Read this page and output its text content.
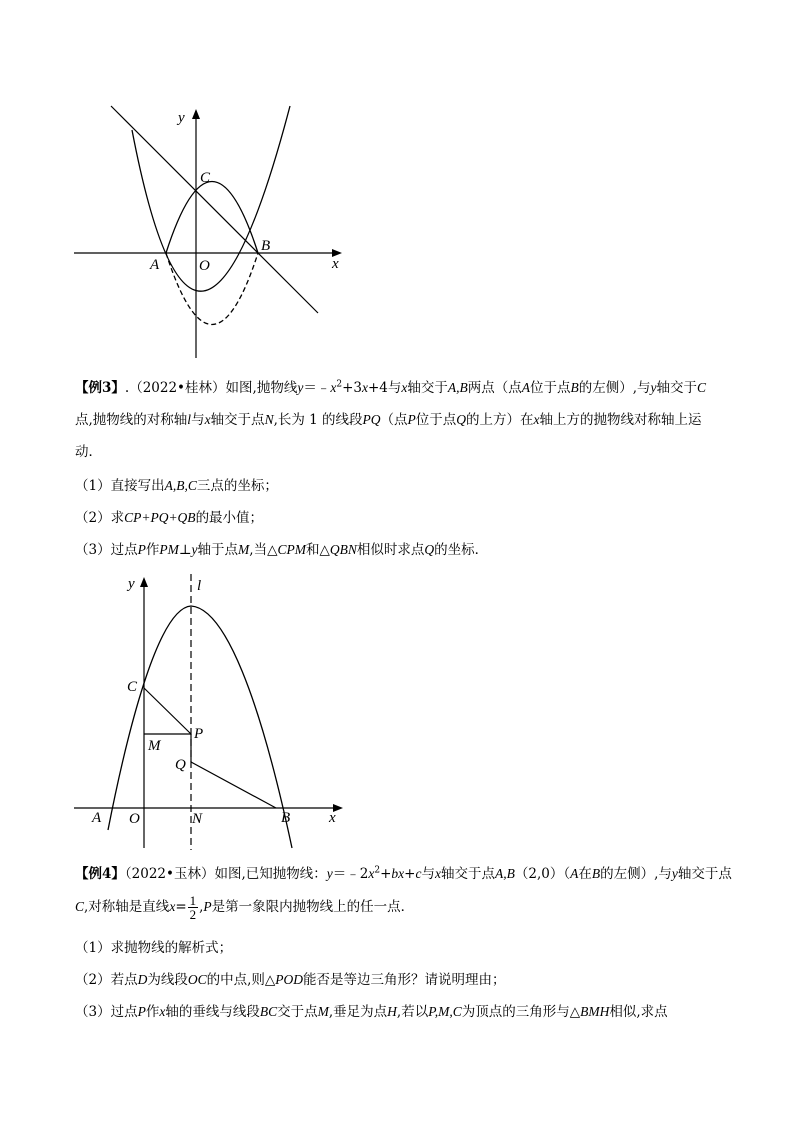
y
x
C
A	O
B
【例3】.（2022•桂林）如图,抛物线$y=﹣x^2+3x+4$与x轴交于A,B两点（点A位于点B的左侧）,与y轴交于C点,抛物线的对称轴l与x轴交于点N,长为 1 的线段PQ（点P位于点Q的上方）在x轴上方的抛物线对称轴上运动．
（1）直接写出A,B,C三点的坐标；
（2）求CP+PQ+QB的最小值；
（3）过点P作PM⊥y轴于点M,当△CPM和△QBN相似时求点Q的坐标．
y	l
x
C
M
P
Q
A O	N	B
【例4】（2022•玉林）如图,已知抛物线：$y=﹣2x^2+bx+c$与x轴交于点A,B（2,0）（A在B的左侧）,与y轴交于点
C,对称轴是直线$x= \frac{1}{2} ,P$是第一象限内抛物线上的任一点．
（1）求抛物线的解析式；
（2）若点D为线段OC的中点,则△POD能否是等边三角形？请说明理由；
（3）过点P作x轴的垂线与线段BC交于点M,垂足为点H,若以P,M,C为顶点的三角形与△BMH相似,求点
